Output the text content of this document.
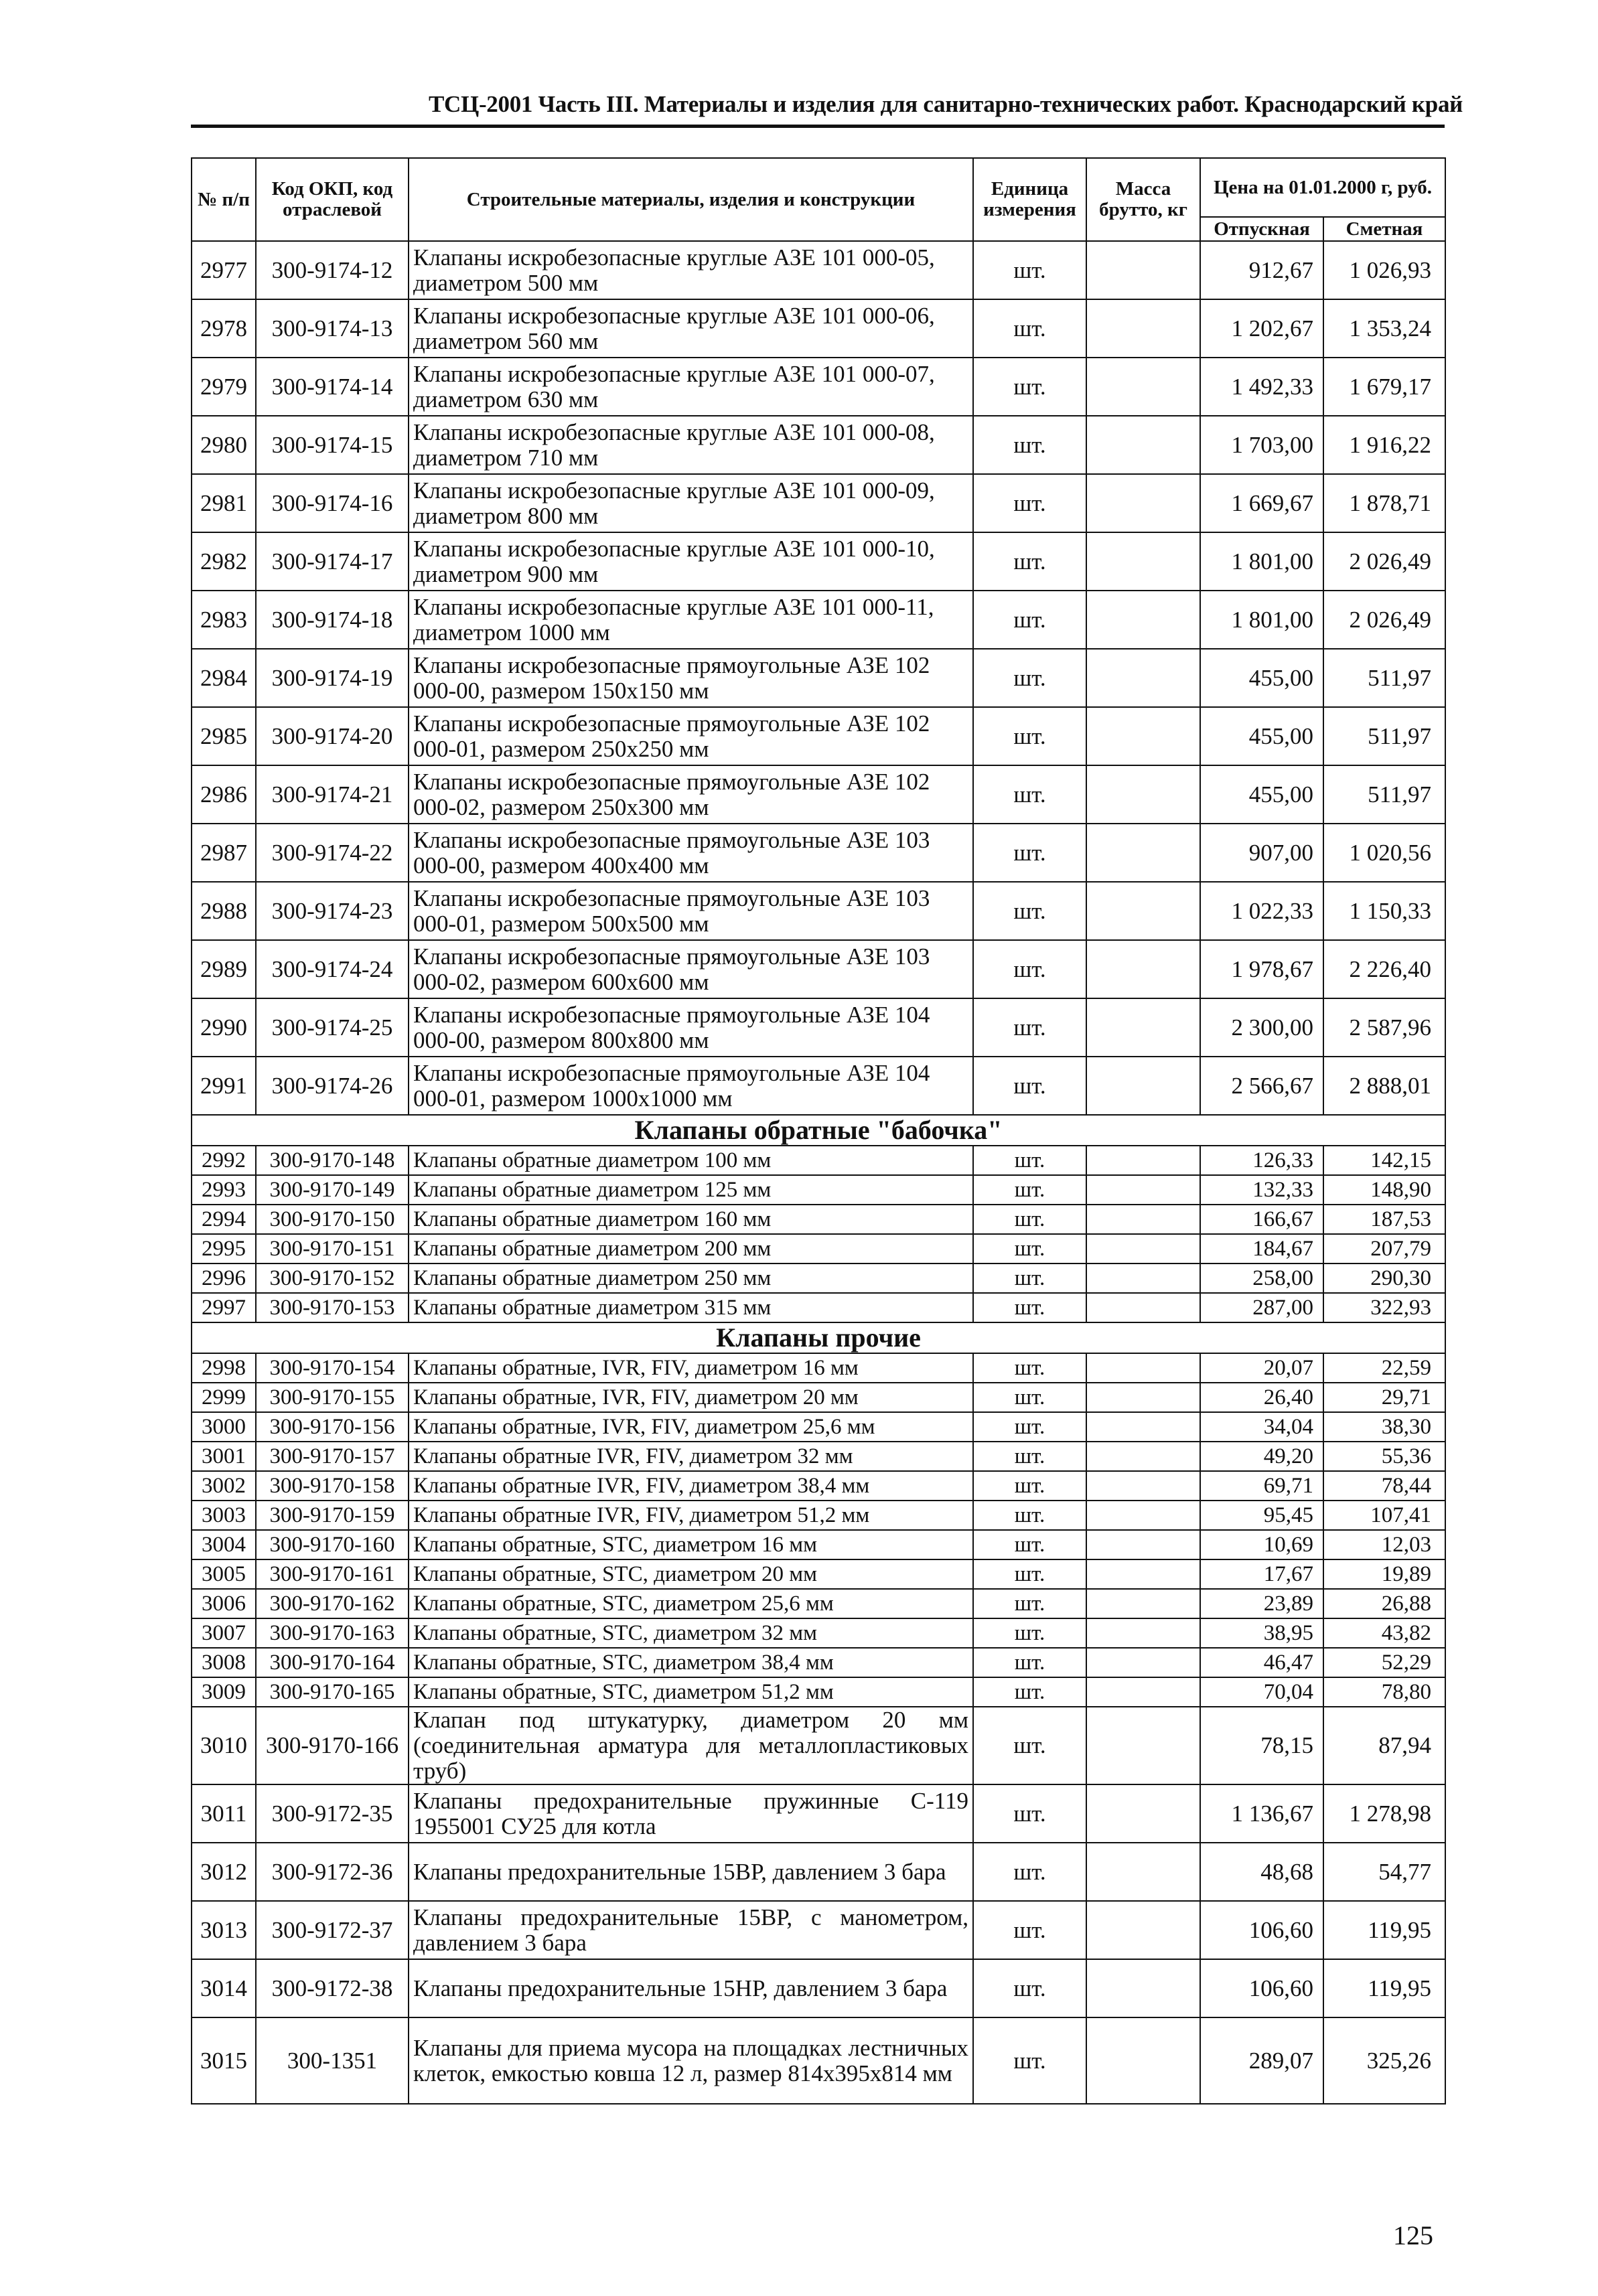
ТСЦ-2001 Часть III. Материалы и изделия для санитарно-технических работ. Краснодарский край
№ п/п	Код ОКП, код отраслевой	Строительные материалы, изделия и конструкции	Единица измерения	Масса брутто, кг	Цена на 01.01.2000 г, руб.	
					Отпускная	Сметная
2977	300-9174-12	Клапаны искробезопасные круглые АЗЕ 101 000-05, диаметром 500 мм	шт.		912,67	1 026,93
2978	300-9174-13	Клапаны искробезопасные круглые АЗЕ 101 000-06, диаметром 560 мм	шт.		1 202,67	1 353,24
2979	300-9174-14	Клапаны искробезопасные круглые АЗЕ 101 000-07, диаметром 630 мм	шт.		1 492,33	1 679,17
2980	300-9174-15	Клапаны искробезопасные круглые АЗЕ 101 000-08, диаметром 710 мм	шт.		1 703,00	1 916,22
2981	300-9174-16	Клапаны искробезопасные круглые АЗЕ 101 000-09, диаметром 800 мм	шт.		1 669,67	1 878,71
2982	300-9174-17	Клапаны искробезопасные круглые АЗЕ 101 000-10, диаметром 900 мм	шт.		1 801,00	2 026,49
2983	300-9174-18	Клапаны искробезопасные круглые АЗЕ 101 000-11, диаметром 1000 мм	шт.		1 801,00	2 026,49
2984	300-9174-19	Клапаны искробезопасные прямоугольные АЗЕ 102 000-00, размером 150x150 мм	шт.		455,00	511,97
2985	300-9174-20	Клапаны искробезопасные прямоугольные АЗЕ 102 000-01, размером 250x250 мм	шт.		455,00	511,97
2986	300-9174-21	Клапаны искробезопасные прямоугольные АЗЕ 102 000-02, размером 250x300 мм	шт.		455,00	511,97
2987	300-9174-22	Клапаны искробезопасные прямоугольные АЗЕ 103 000-00, размером 400x400 мм	шт.		907,00	1 020,56
2988	300-9174-23	Клапаны искробезопасные прямоугольные АЗЕ 103 000-01, размером 500x500 мм	шт.		1 022,33	1 150,33
2989	300-9174-24	Клапаны искробезопасные прямоугольные АЗЕ 103 000-02, размером 600x600 мм	шт.		1 978,67	2 226,40
2990	300-9174-25	Клапаны искробезопасные прямоугольные АЗЕ 104 000-00, размером 800x800 мм	шт.		2 300,00	2 587,96
2991	300-9174-26	Клапаны искробезопасные прямоугольные АЗЕ 104 000-01, размером 1000x1000 мм	шт.		2 566,67	2 888,01
Клапаны обратные "бабочка"						
2992	300-9170-148	Клапаны обратные диаметром 100 мм	шт.		126,33	142,15
2993	300-9170-149	Клапаны обратные диаметром 125 мм	шт.		132,33	148,90
2994	300-9170-150	Клапаны обратные диаметром 160 мм	шт.		166,67	187,53
2995	300-9170-151	Клапаны обратные диаметром 200 мм	шт.		184,67	207,79
2996	300-9170-152	Клапаны обратные диаметром 250 мм	шт.		258,00	290,30
2997	300-9170-153	Клапаны обратные диаметром 315 мм	шт.		287,00	322,93
Клапаны прочие						
2998	300-9170-154	Клапаны обратные, IVR, FIV, диаметром 16 мм	шт.		20,07	22,59
2999	300-9170-155	Клапаны обратные, IVR, FIV, диаметром 20 мм	шт.		26,40	29,71
3000	300-9170-156	Клапаны обратные, IVR, FIV, диаметром 25,6 мм	шт.		34,04	38,30
3001	300-9170-157	Клапаны обратные IVR, FIV, диаметром 32 мм	шт.		49,20	55,36
3002	300-9170-158	Клапаны обратные IVR, FIV, диаметром 38,4 мм	шт.		69,71	78,44
3003	300-9170-159	Клапаны обратные IVR, FIV, диаметром 51,2 мм	шт.		95,45	107,41
3004	300-9170-160	Клапаны обратные, STC, диаметром 16 мм	шт.		10,69	12,03
3005	300-9170-161	Клапаны обратные, STC, диаметром 20 мм	шт.		17,67	19,89
3006	300-9170-162	Клапаны обратные, STC, диаметром 25,6 мм	шт.		23,89	26,88
3007	300-9170-163	Клапаны обратные, STC, диаметром 32 мм	шт.		38,95	43,82
3008	300-9170-164	Клапаны обратные, STC, диаметром 38,4 мм	шт.		46,47	52,29
3009	300-9170-165	Клапаны обратные, STC, диаметром 51,2 мм	шт.		70,04	78,80
3010	300-9170-166	Клапан под штукатурку, диаметром 20 мм (соединительная арматура для металлопластиковых труб)	шт.		78,15	87,94
3011	300-9172-35	Клапаны предохранительные пружинные С-119 1955001 СУ25 для котла	шт.		1 136,67	1 278,98
3012	300-9172-36	Клапаны предохранительные 15ВР, давлением 3 бара	шт.		48,68	54,77
3013	300-9172-37	Клапаны предохранительные 15ВР, с манометром, давлением 3 бара	шт.		106,60	119,95
3014	300-9172-38	Клапаны предохранительные 15НР, давлением 3 бара	шт.		106,60	119,95
3015	300-1351	Клапаны для приема мусора на площадках лестничных клеток, емкостью ковша 12 л, размер 814x395x814 мм	шт.		289,07	325,26
125
